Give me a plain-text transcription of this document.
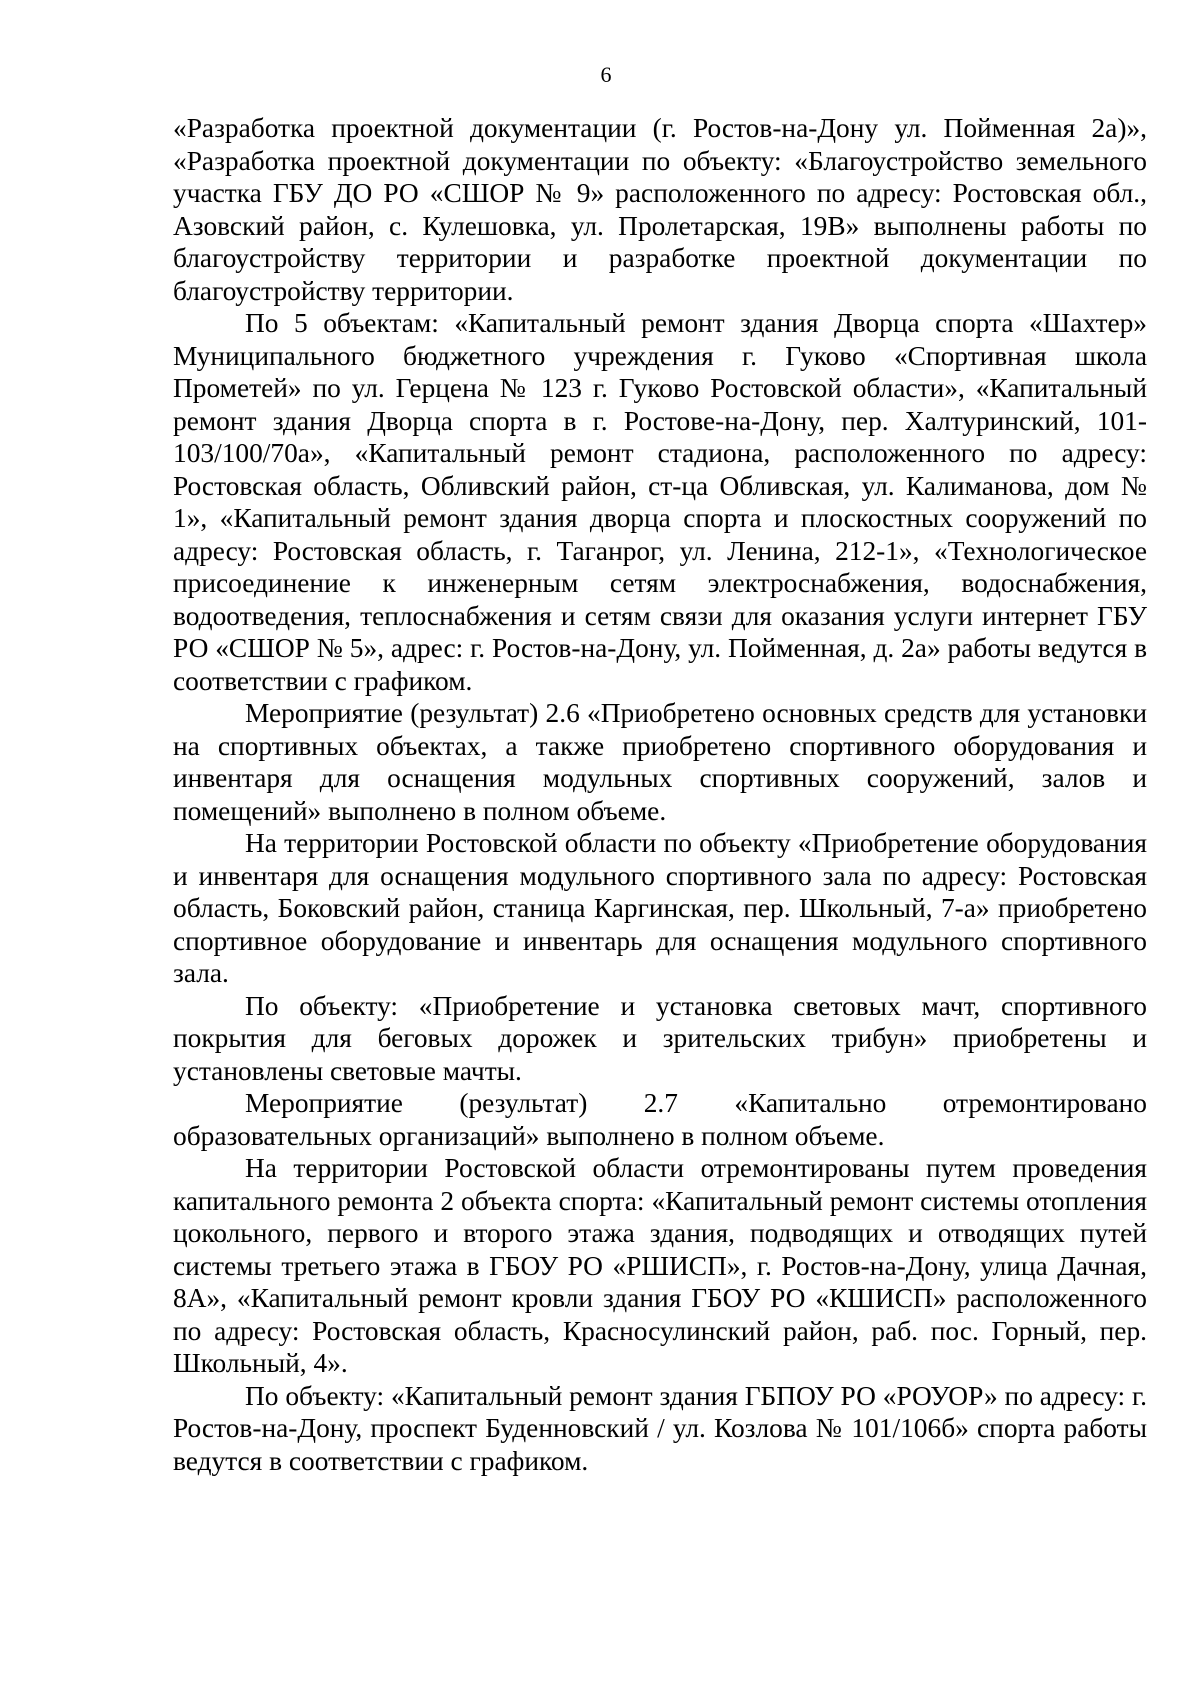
6

«Разработка проектной документации (г. Ростов-на-Дону ул. Пойменная 2а)», «Разработка проектной документации по объекту: «Благоустройство земельного участка ГБУ ДО РО «СШОР № 9» расположенного по адресу: Ростовская обл., Азовский район, с. Кулешовка, ул. Пролетарская, 19В» выполнены работы по благоустройству территории и разработке проектной документации по благоустройству территории.

По 5 объектам: «Капитальный ремонт здания Дворца спорта «Шахтер» Муниципального бюджетного учреждения г. Гуково «Спортивная школа Прометей» по ул. Герцена № 123 г. Гуково Ростовской области», «Капитальный ремонт здания Дворца спорта в г. Ростове-на-Дону, пер. Халтуринский, 101-103/100/70а», «Капитальный ремонт стадиона, расположенного по адресу: Ростовская область, Обливский район, ст-ца Обливская, ул. Калиманова, дом № 1», «Капитальный ремонт здания дворца спорта и плоскостных сооружений по адресу: Ростовская область, г. Таганрог, ул. Ленина, 212-1», «Технологическое присоединение к инженерным сетям электроснабжения, водоснабжения, водоотведения, теплоснабжения и сетям связи для оказания услуги интернет ГБУ РО «СШОР № 5», адрес: г. Ростов-на-Дону, ул. Пойменная, д. 2а» работы ведутся в соответствии с графиком.

Мероприятие (результат) 2.6 «Приобретено основных средств для установки на спортивных объектах, а также приобретено спортивного оборудования и инвентаря для оснащения модульных спортивных сооружений, залов и помещений» выполнено в полном объеме.

На территории Ростовской области по объекту «Приобретение оборудования и инвентаря для оснащения модульного спортивного зала по адресу: Ростовская область, Боковский район, станица Каргинская, пер. Школьный, 7-а» приобретено спортивное оборудование и инвентарь для оснащения модульного спортивного зала.

По объекту: «Приобретение и установка световых мачт, спортивного покрытия для беговых дорожек и зрительских трибун» приобретены и установлены световые мачты.

Мероприятие (результат) 2.7 «Капитально отремонтировано образовательных организаций» выполнено в полном объеме.

На территории Ростовской области отремонтированы путем проведения капитального ремонта 2 объекта спорта: «Капитальный ремонт системы отопления цокольного, первого и второго этажа здания, подводящих и отводящих путей системы третьего этажа в ГБОУ РО «РШИСП», г. Ростов-на-Дону, улица Дачная, 8А», «Капитальный ремонт кровли здания ГБОУ РО «КШИСП» расположенного по адресу: Ростовская область, Красносулинский район, раб. пос. Горный, пер. Школьный, 4».

По объекту: «Капитальный ремонт здания ГБПОУ РО «РОУОР» по адресу: г. Ростов-на-Дону, проспект Буденновский / ул. Козлова № 101/106б» спорта работы ведутся в соответствии с графиком.
